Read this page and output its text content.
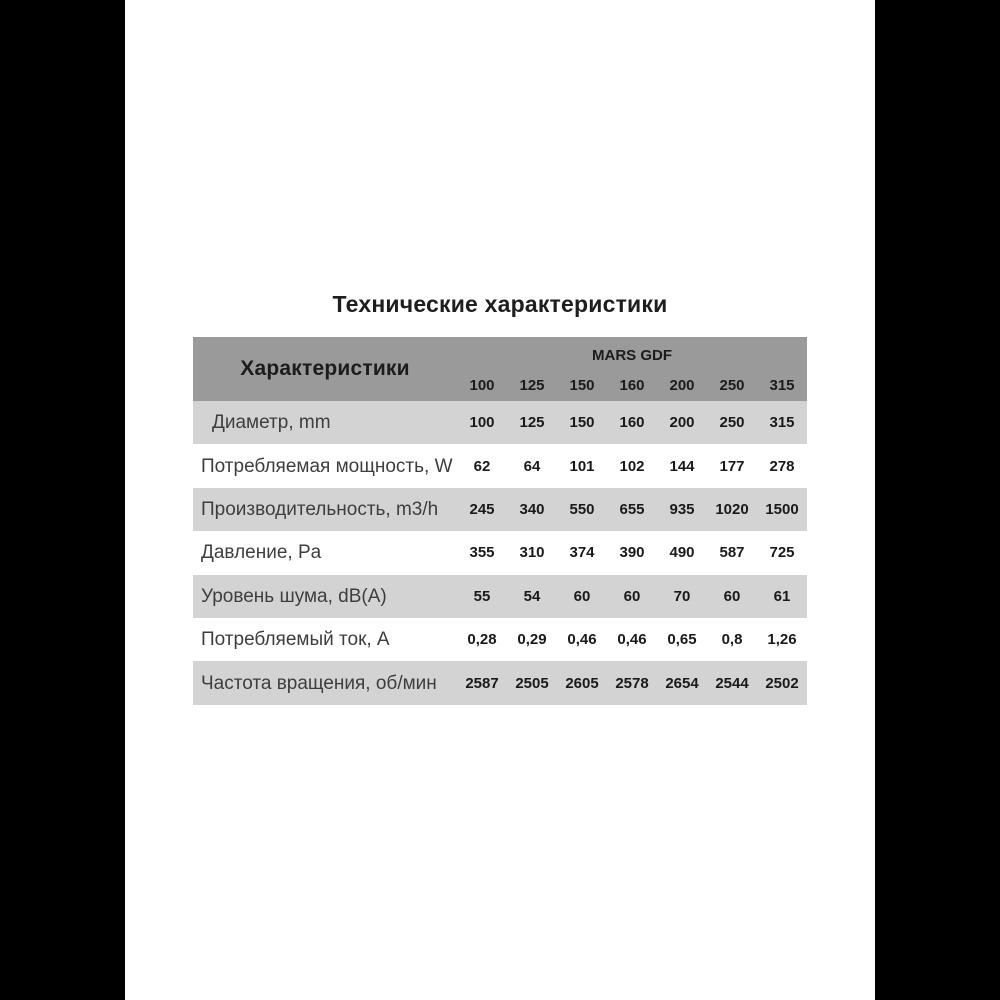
Технические характеристики
Характеристики
MARS GDF
100	125	150	160	200	250	315
Диаметр, mm	100	125	150	160	200	250	315
Потребляемая мощность, W	62	64	101	102	144	177	278
Производительность, m3/h	245	340	550	655	935	1020	1500
Давление, Pa	355	310	374	390	490	587	725
Уровень шума, dB(A)	55	54	60	60	70	60	61
Потребляемый ток, А	0,28	0,29	0,46	0,46	0,65	0,8	1,26
Частота вращения, об/мин	2587	2505	2605	2578	2654	2544	2502
